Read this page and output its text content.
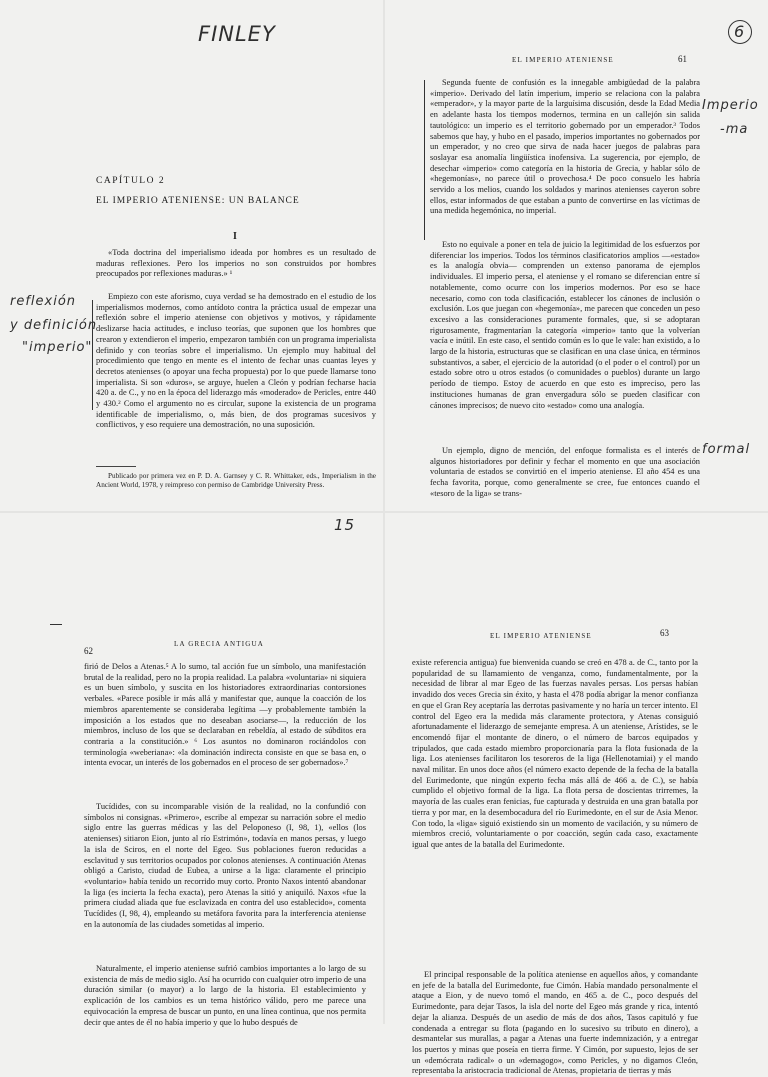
FINLEY
CAPÍTULO 2
EL IMPERIO ATENIENSE: UN BALANCE
I

«Toda doctrina del imperialismo ideada por hombres es un resultado de maduras reflexiones. Pero los imperios no son construidos por hombres preocupados por reflexiones maduras.» ¹

Empiezo con este aforismo, cuya verdad se ha demostrado en el estudio de los imperialismos modernos, como antídoto contra la práctica usual de empezar una reflexión sobre el imperio ateniense con objetivos y motivos, y rápidamente deslizarse hacia actitudes, e incluso teorías, que suponen que los hombres que crearon y extendieron el imperio, empezaron también con un programa imperialista definido y con teorías sobre el imperialismo. Un ejemplo muy habitual del procedimiento que tengo en mente es el intento de fechar unas cuantas leyes y decretos atenienses (o apoyar una fecha propuesta) por lo que puede llamarse tono imperialista. Si son «duros», se arguye, huelen a Cleón y podrían fecharse hacia 420 a. de C., y no en la época del liderazgo más «moderado» de Pericles, entre 440 y 430.² Como el argumento no es circular, supone la existencia de un programa identificable de imperialismo, o, más bien, de dos programas sucesivos y conflictivos, y eso requiere una demostración, no una suposición.

Publicado por primera vez en P. D. A. Garnsey y C. R. Whittaker, eds., Imperialism in the Ancient World, 1978, y reimpreso con permiso de Cambridge University Press.

reflexión
y definición
"imperio"
EL IMPERIO ATENIENSE	61
6

Segunda fuente de confusión es la innegable ambigüedad de la palabra «imperio». Derivado del latín imperium, imperio se relaciona con la palabra «emperador», y la mayor parte de la larguísima discusión, desde la Edad Media en adelante hasta los tiempos modernos, termina en un callejón sin salida tautológico: un imperio es el territorio gobernado por un emperador.³ Todos sabemos que hay, y hubo en el pasado, imperios importantes no gobernados por un emperador, y no creo que sirva de nada hacer juegos de palabras para soslayar esa anomalía lingüística inofensiva. La sugerencia, por ejemplo, de desechar «imperio» como categoría en la historia de Grecia, y hablar sólo de «hegemonías», no parece útil o provechosa.⁴ De poco consuelo les habría servido a los melios, cuando los soldados y marinos atenienses cayeron sobre ellos, estar informados de que estaban a punto de convertirse en las víctimas de una medida hegemónica, no imperial.

Esto no equivale a poner en tela de juicio la legitimidad de los esfuerzos por diferenciar los imperios. Todos los términos clasificatorios amplios —«estado» es la analogía obvia— comprenden un extenso panorama de ejemplos individuales. El imperio persa, el ateniense y el romano se diferencian entre sí notablemente, como ocurre con los imperios modernos. Por eso se hace necesario, como con toda clasificación, establecer los cánones de inclusión o exclusión. Los que juegan con «hegemonía», me parecen que conceden un peso excesivo a las consideraciones puramente formales, que, si se adoptaran rigurosamente, fragmentarían la categoría «imperio» tanto que la volverían vacía e inútil. En este caso, el sentido común es lo que le vale: han existido, a lo largo de la historia, estructuras que se clasifican en una clase única, en términos substantivos, a saber, el ejercicio de la autoridad (o el poder o el control) por un estado sobre otro u otros estados (o comunidades o pueblos) durante un largo período de tiempo. Estoy de acuerdo en que esto es impreciso, pero las instituciones humanas de gran envergadura sólo se pueden clasificar con cánones imprecisos; de nuevo cito «estado» como una analogía.

Un ejemplo, digno de mención, del enfoque formalista es el interés de algunos historiadores por definir y fechar el momento en que una asociación voluntaria de estados se convirtió en el imperio ateniense. El año 454 es una fecha favorita, porque, como generalmente se cree, fue entonces cuando el «tesoro de la liga» se trans-

Imperio
-ma
formal
15
62
LA GRECIA ANTIGUA

firió de Delos a Atenas.⁵ A lo sumo, tal acción fue un símbolo, una manifestación brutal de la realidad, pero no la propia realidad. La palabra «voluntaria» ni siquiera es un buen símbolo, y suscita en los historiadores extraordinarias contorsiones verbales. «Parece posible ir más allá y manifestar que, aunque la coacción de los miembros aparentemente se consideraba legítima —y probablemente también la imposición a los estados que no deseaban asociarse—, la reducción de los miembros, incluso de los que se declaraban en rebeldía, al estado de súbditos era contraria a la constitución.» ⁶ Los asuntos no dominaron rociándolos con terminología «weberiana»: «la dominación indirecta consiste en que se basa en, o intenta evocar, un interés de los gobernados en el proceso de ser gobernados».⁷

Tucídides, con su incomparable visión de la realidad, no la confundió con símbolos ni consignas. «Primero», escribe al empezar su narración sobre el medio siglo entre las guerras médicas y las del Peloponeso (I, 98, 1), «ellos (los atenienses) sitiaron Eion, junto al río Estrimón», todavía en manos persas, y luego la isla de Sciros, en el norte del Egeo. Sus poblaciones fueron reducidas a esclavitud y sus territorios ocupados por colonos atenienses. A continuación Atenas obligó a Caristo, ciudad de Eubea, a unirse a la liga: claramente el principio «voluntario» había tenido un recorrido muy corto. Pronto Naxos intentó abandonar la liga (es incierta la fecha exacta), pero Atenas la sitió y aniquiló. Naxos «fue la primera ciudad aliada que fue esclavizada en contra del uso establecido», comenta Tucídides (I, 98, 4), empleando su metáfora favorita para la interferencia ateniense en la autonomía de las ciudades sometidas al imperio.

Naturalmente, el imperio ateniense sufrió cambios importantes a lo largo de su existencia de más de medio siglo. Así ha ocurrido con cualquier otro imperio de una duración similar (o mayor) a lo largo de la historia. El establecimiento y explicación de los cambios es un tema histórico válido, pero me parece una equivocación la empresa de buscar un punto, en una línea continua, que nos permita decir que antes de él no había imperio y que lo hubo después de

EL IMPERIO ATENIENSE	63

existe referencia antigua) fue bienvenida cuando se creó en 478 a. de C., tanto por la popularidad de su llamamiento de venganza, como, fundamentalmente, por la necesidad de librar al mar Egeo de las fuerzas navales persas. Los persas habían invadido dos veces Grecia sin éxito, y hasta el 478 podía abrigar la menor confianza en que el Gran Rey aceptaría las derrotas pasivamente y no haría un tercer intento. El control del Egeo era la medida más claramente protectora, y Atenas consiguió afortunadamente el liderazgo de semejante empresa. A un ateniense, Arístides, se le encomendó fijar el montante de dinero, o el número de barcos equipados y tripulados, que cada estado miembro proporcionaría para la flota fusionada de la liga. Los atenienses facilitaron los tesoreros de la liga (Hellenotamiai) y el mando naval militar. En unos doce años (el número exacto depende de la fecha de la batalla del Eurimedonte, que ningún experto fecha más allá de 466 a. de C.), se había cumplido el objetivo formal de la liga. La flota persa de doscientas trirremes, la mayoría de las cuales eran fenicias, fue capturada y destruida en una gran batalla por tierra y por mar, en la desembocadura del río Eurimedonte, en el sur de Asia Menor. Con todo, la «liga» siguió existiendo sin un momento de vacilación, y su número de miembros creció, voluntariamente o por coacción, según cada caso, exactamente igual que antes de la batalla del Eurimedonte.

El principal responsable de la política ateniense en aquellos años, y comandante en jefe de la batalla del Eurimedonte, fue Cimón. Había mandado personalmente el ataque a Eion, y de nuevo tomó el mando, en 465 a. de C., poco después del Eurimedonte, para dejar Tasos, la isla del norte del Egeo más grande y rica, intentó dejar la alianza. Después de un asedio de más de dos años, Tasos capituló y fue condenada a entregar su flota (pagando en lo sucesivo su tributo en dinero), a desmantelar sus murallas, a pagar a Atenas una fuerte indemnización, y a entregar los puertos y minas que poseía en tierra firme. Y Cimón, por supuesto, lejos de ser un «demócrata radical» o un «demagogo», como Pericles, y no digamos Cleón, representaba la aristocracia tradicional de Atenas, propietaria de tierras y más
